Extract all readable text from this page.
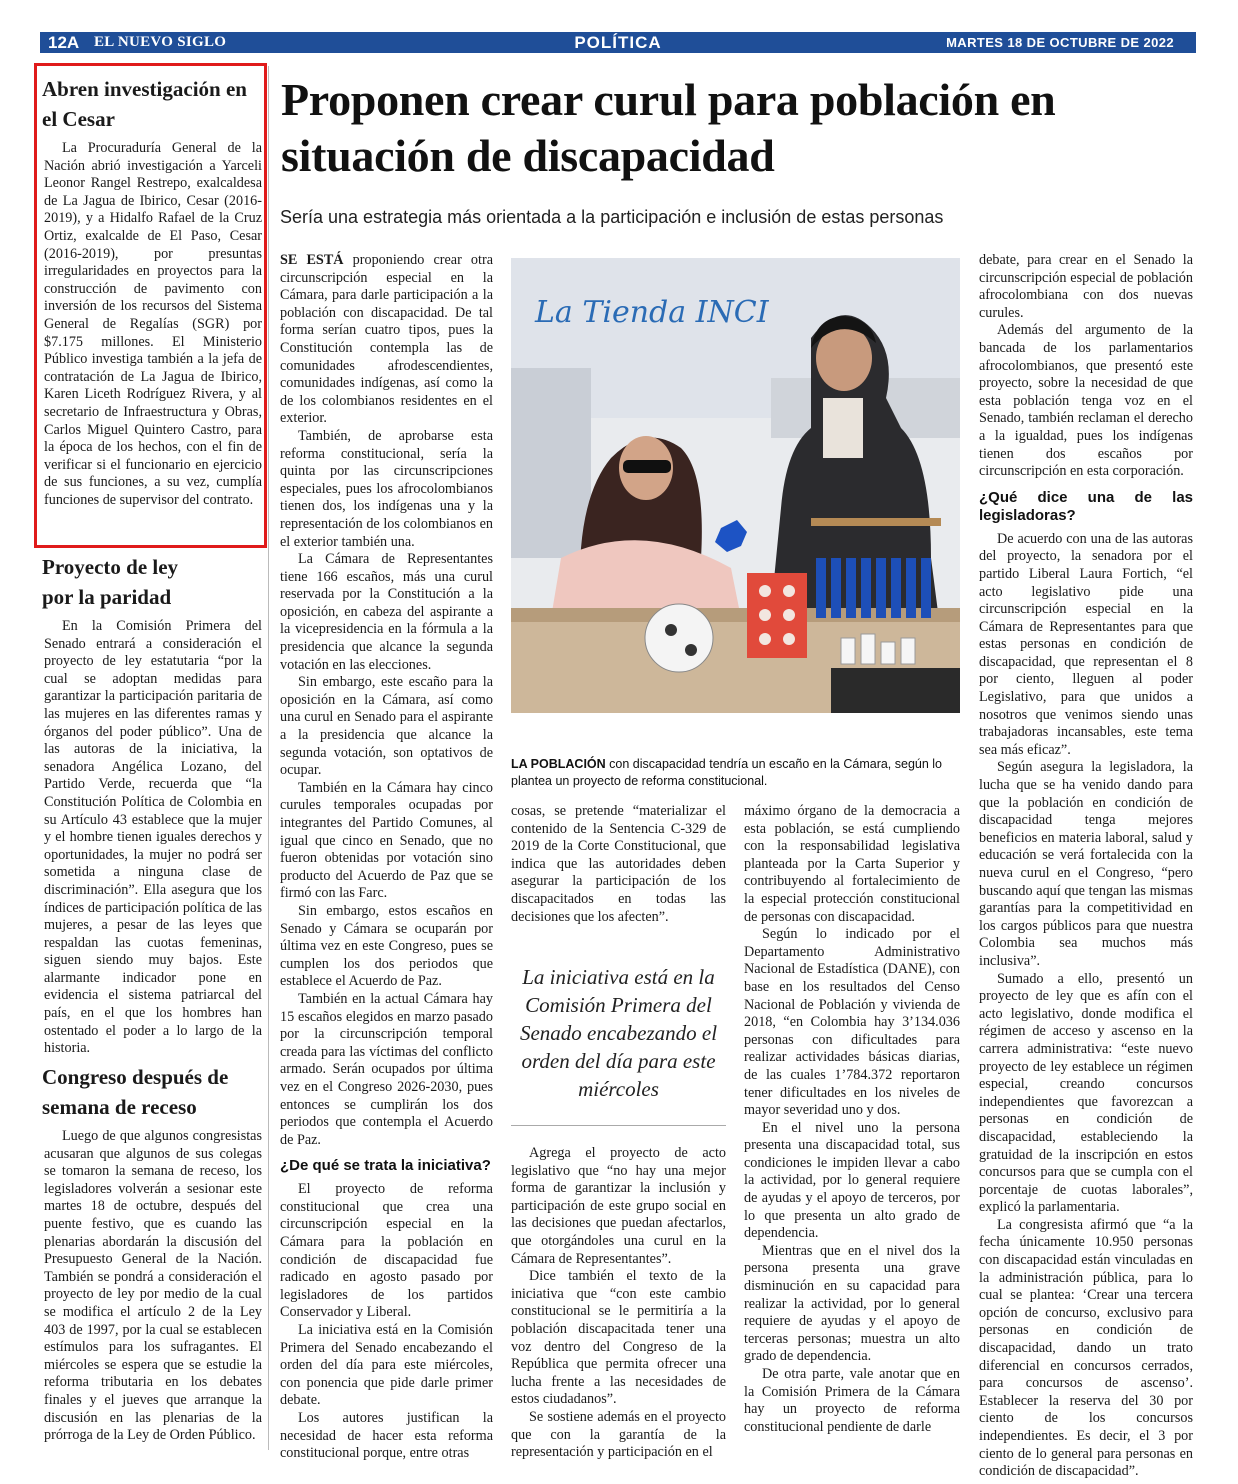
12A EL NUEVO SIGLO	POLÍTICA	MARTES 18 DE OCTUBRE DE 2022
Abren investigación en el Cesar

La Procuraduría General de la Nación abrió investigación a Yarceli Leonor Rangel Restrepo, exalcaldesa de La Jagua de Ibirico, Cesar (2016-2019), y a Hidalfo Rafael de la Cruz Ortiz, exalcalde de El Paso, Cesar (2016-2019), por presuntas irregularidades en proyectos para la construcción de pavimento con inversión de los recursos del Sistema General de Regalías (SGR) por $7.175 millones. El Ministerio Público investiga también a la jefa de contratación de La Jagua de Ibirico, Karen Liceth Rodríguez Rivera, y al secretario de Infraestructura y Obras, Carlos Miguel Quintero Castro, para la época de los hechos, con el fin de verificar si el funcionario en ejercicio de sus funciones, a su vez, cumplía funciones de supervisor del contrato.

Proyecto de ley por la paridad

En la Comisión Primera del Senado entrará a consideración el proyecto de ley estatutaria “por la cual se adoptan medidas para garantizar la participación paritaria de las mujeres en las diferentes ramas y órganos del poder público”. Una de las autoras de la iniciativa, la senadora Angélica Lozano, del Partido Verde, recuerda que “la Constitución Política de Colombia en su Artículo 43 establece que la mujer y el hombre tienen iguales derechos y oportunidades, la mujer no podrá ser sometida a ninguna clase de discriminación”. Ella asegura que los índices de participación política de las mujeres, a pesar de las leyes que respaldan las cuotas femeninas, siguen siendo muy bajos. Este alarmante indicador pone en evidencia el sistema patriarcal del país, en el que los hombres han ostentado el poder a lo largo de la historia.

Congreso después de semana de receso

Luego de que algunos congresistas acusaran que algunos de sus colegas se tomaron la semana de receso, los legisladores volverán a sesionar este martes 18 de octubre, después del puente festivo, que es cuando las plenarias abordarán la discusión del Presupuesto General de la Nación. También se pondrá a consideración el proyecto de ley por medio de la cual se modifica el artículo 2 de la Ley 403 de 1997, por la cual se establecen estímulos para los sufragantes. El miércoles se espera que se estudie la reforma tributaria en los debates finales y el jueves que arranque la discusión en las plenarias de la prórroga de la Ley de Orden Público.

Proponen crear curul para población en situación de discapacidad

Sería una estrategia más orientada a la participación e inclusión de estas personas

SE ESTÁ proponiendo crear otra circunscripción especial en la Cámara, para darle participación a la población con discapacidad. De tal forma serían cuatro tipos, pues la Constitución contempla las de comunidades afrodescendientes, comunidades indígenas, así como la de los colombianos residentes en el exterior.

También, de aprobarse esta reforma constitucional, sería la quinta por las circunscripciones especiales, pues los afrocolombianos tienen dos, los indígenas una y la representación de los colombianos en el exterior también una.

La Cámara de Representantes tiene 166 escaños, más una curul reservada por la Constitución a la oposición, en cabeza del aspirante a la vicepresidencia en la fórmula a la presidencia que alcance la segunda votación en las elecciones.

Sin embargo, este escaño para la oposición en la Cámara, así como una curul en Senado para el aspirante a la presidencia que alcance la segunda votación, son optativos de ocupar.

También en la Cámara hay cinco curules temporales ocupadas por integrantes del Partido Comunes, al igual que cinco en Senado, que no fueron obtenidas por votación sino producto del Acuerdo de Paz que se firmó con las Farc.

Sin embargo, estos escaños en Senado y Cámara se ocuparán por última vez en este Congreso, pues se cumplen los dos periodos que establece el Acuerdo de Paz.

También en la actual Cámara hay 15 escaños elegidos en marzo pasado por la circunscripción temporal creada para las víctimas del conflicto armado. Serán ocupados por última vez en el Congreso 2026-2030, pues entonces se cumplirán los dos periodos que contempla el Acuerdo de Paz.

¿De qué se trata la iniciativa?

El proyecto de reforma constitucional que crea una circunscripción especial en la Cámara para la población en condición de discapacidad fue radicado en agosto pasado por legisladores de los partidos Conservador y Liberal.

La iniciativa está en la Comisión Primera del Senado encabezando el orden del día para este miércoles, con ponencia que pide darle primer debate.

Los autores justifican la necesidad de hacer esta reforma constitucional porque, entre otras

La Tienda INCI

LA POBLACIÓN con discapacidad tendría un escaño en la Cámara, según lo plantea un proyecto de reforma constitucional.

cosas, se pretende “materializar el contenido de la Sentencia C-329 de 2019 de la Corte Constitucional, que indica que las autoridades deben asegurar la participación de los discapacitados en todas las decisiones que los afecten”.

La iniciativa está en la Comisión Primera del Senado encabezando el orden del día para este miércoles

Agrega el proyecto de acto legislativo que “no hay una mejor forma de garantizar la inclusión y participación de este grupo social en las decisiones que puedan afectarlos, que otorgándoles una curul en la Cámara de Representantes”.

Dice también el texto de la iniciativa que “con este cambio constitucional se le permitiría a la población discapacitada tener una voz dentro del Congreso de la República que permita ofrecer una lucha frente a las necesidades de estos ciudadanos”.

Se sostiene además en el proyecto que con la garantía de la representación y participación en el

máximo órgano de la democracia a esta población, se está cumpliendo con la responsabilidad legislativa planteada por la Carta Superior y contribuyendo al fortalecimiento de la especial protección constitucional de personas con discapacidad.

Según lo indicado por el Departamento Administrativo Nacional de Estadística (DANE), con base en los resultados del Censo Nacional de Población y vivienda de 2018, “en Colombia hay 3’134.036 personas con dificultades para realizar actividades básicas diarias, de las cuales 1’784.372 reportaron tener dificultades en los niveles de mayor severidad uno y dos.

En el nivel uno la persona presenta una discapacidad total, sus condiciones le impiden llevar a cabo la actividad, por lo general requiere de ayudas y el apoyo de terceros, por lo que presenta un alto grado de dependencia.

Mientras que en el nivel dos la persona presenta una grave disminución en su capacidad para realizar la actividad, por lo general requiere de ayudas y el apoyo de terceras personas; muestra un alto grado de dependencia.

De otra parte, vale anotar que en la Comisión Primera de la Cámara hay un proyecto de reforma constitucional pendiente de darle

debate, para crear en el Senado la circunscripción especial de población afrocolombiana con dos nuevas curules.

Además del argumento de la bancada de los parlamentarios afrocolombianos, que presentó este proyecto, sobre la necesidad de que esta población tenga voz en el Senado, también reclaman el derecho a la igualdad, pues los indígenas tienen dos escaños por circunscripción en esta corporación.

¿Qué dice una de las legisladoras?

De acuerdo con una de las autoras del proyecto, la senadora por el partido Liberal Laura Fortich, “el acto legislativo pide una circunscripción especial en la Cámara de Representantes para que estas personas en condición de discapacidad, que representan el 8 por ciento, lleguen al poder Legislativo, para que unidos a nosotros que venimos siendo unas trabajadoras incansables, este tema sea más eficaz”.

Según asegura la legisladora, la lucha que se ha venido dando para que la población en condición de discapacidad tenga mejores beneficios en materia laboral, salud y educación se verá fortalecida con la nueva curul en el Congreso, “pero buscando aquí que tengan las mismas garantías para la competitividad en los cargos públicos para que nuestra Colombia sea muchos más inclusiva”.

Sumado a ello, presentó un proyecto de ley que es afín con el acto legislativo, donde modifica el régimen de acceso y ascenso en la carrera administrativa: “este nuevo proyecto de ley establece un régimen especial, creando concursos independientes que favorezcan a personas en condición de discapacidad, estableciendo la gratuidad de la inscripción en estos concursos para que se cumpla con el porcentaje de cuotas laborales”, explicó la parlamentaria.

La congresista afirmó que “a la fecha únicamente 10.950 personas con discapacidad están vinculadas en la administración pública, para lo cual se plantea: ‘Crear una tercera opción de concurso, exclusivo para personas en condición de discapacidad, dando un trato diferencial en concursos cerrados, para concursos de ascenso’. Establecer la reserva del 30 por ciento de los concursos independientes. Es decir, el 3 por ciento de lo general para personas en condición de discapacidad”.
